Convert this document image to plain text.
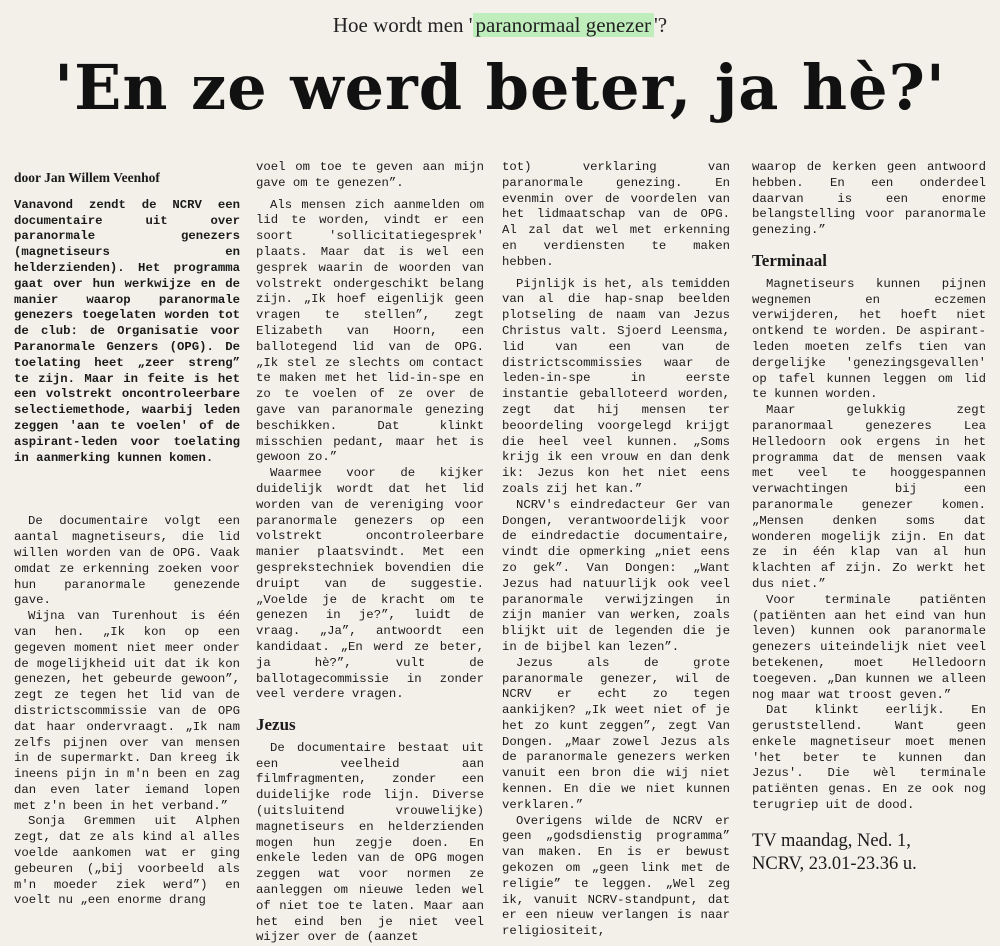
Hoe wordt men ' paranormaal genezer '?
'En ze werd beter, ja hè?'
door Jan Willem Veenhof

Vanavond zendt de NCRV een documentaire uit over paranormale genezers (magnetiseurs en helderzienden). Het programma gaat over hun werkwijze en de manier waarop paranormale genezers toegelaten worden tot de club: de Organisatie voor Paranormale Genzers (OPG). De toelating heet „zeer streng” te zijn. Maar in feite is het een volstrekt oncontroleerbare selectiemethode, waarbij leden zeggen 'aan te voelen' of de aspirant-leden voor toelating in aanmerking kunnen komen.

De documentaire volgt een aantal magnetiseurs, die lid willen worden van de OPG. Vaak omdat ze erkenning zoeken voor hun paranormale genezende gave.

Wijna van Turenhout is één van hen. „Ik kon op een gegeven moment niet meer onder de mogelijkheid uit dat ik kon genezen, het gebeurde gewoon”, zegt ze tegen het lid van de districtscommissie van de OPG dat haar ondervraagt. „Ik nam zelfs pijnen over van mensen in de supermarkt. Dan kreeg ik ineens pijn in m'n been en zag dan even later iemand lopen met z'n been in het verband.”

Sonja Gremmen uit Alphen zegt, dat ze als kind al alles voelde aankomen wat er ging gebeuren („bij voorbeeld als m'n moeder ziek werd”) en voelt nu „een enorme drang

voel om toe te geven aan mijn gave om te genezen”.

Als mensen zich aanmelden om lid te worden, vindt er een soort 'sollicitatiegesprek' plaats. Maar dat is wel een gesprek waarin de woorden van volstrekt ondergeschikt belang zijn. „Ik hoef eigenlijk geen vragen te stellen”, zegt Elizabeth van Hoorn, een ballotegend lid van de OPG. „Ik stel ze slechts om contact te maken met het lid-in-spe en zo te voelen of ze over de gave van paranormale genezing beschikken. Dat klinkt misschien pedant, maar het is gewoon zo.”

Waarmee voor de kijker duidelijk wordt dat het lid worden van de vereniging voor paranormale genezers op een volstrekt oncontroleerbare manier plaatsvindt. Met een gesprekstechniek bovendien die druipt van de suggestie. „Voelde je de kracht om te genezen in je?”, luidt de vraag. „Ja”, antwoordt een kandidaat. „En werd ze beter, ja hè?”, vult de ballotagecommissie in zonder veel verdere vragen.

Jezus

De documentaire bestaat uit een veelheid aan filmfragmenten, zonder een duidelijke rode lijn. Diverse (uitsluitend vrouwelijke) magnetiseurs en helderzienden mogen hun zegje doen. En enkele leden van de OPG mogen zeggen wat voor normen ze aanleggen om nieuwe leden wel of niet toe te laten. Maar aan het eind ben je niet veel wijzer over de (aanzet

tot) verklaring van paranormale genezing. En evenmin over de voordelen van het lidmaatschap van de OPG. Al zal dat wel met erkenning en verdiensten te maken hebben.

Pijnlijk is het, als temidden van al die hap-snap beelden plotseling de naam van Jezus Christus valt. Sjoerd Leensma, lid van een van de districtscommissies waar de leden-in-spe in eerste instantie geballoteerd worden, zegt dat hij mensen ter beoordeling voorgelegd krijgt die heel veel kunnen. „Soms krijg ik een vrouw en dan denk ik: Jezus kon het niet eens zoals zij het kan.”

NCRV's eindredacteur Ger van Dongen, verantwoordelijk voor de eindredactie documentaire, vindt die opmerking „niet eens zo gek”. Van Dongen: „Want Jezus had natuurlijk ook veel paranormale verwijzingen in zijn manier van werken, zoals blijkt uit de legenden die je in de bijbel kan lezen”.

Jezus als de grote paranormale genezer, wil de NCRV er echt zo tegen aankijken? „Ik weet niet of je het zo kunt zeggen”, zegt Van Dongen. „Maar zowel Jezus als de paranormale genezers werken vanuit een bron die wij niet kennen. En die we niet kunnen verklaren.”

Overigens wilde de NCRV er geen „godsdienstig programma” van maken. En is er bewust gekozen om „geen link met de religie” te leggen. „Wel zeg ik, vanuit NCRV-standpunt, dat er een nieuw verlangen is naar religiositeit,

waarop de kerken geen antwoord hebben. En een onderdeel daarvan is een enorme belangstelling voor paranormale genezing.”

Terminaal

Magnetiseurs kunnen pijnen wegnemen en eczemen verwijderen, het hoeft niet ontkend te worden. De aspirant-leden moeten zelfs tien van dergelijke 'genezingsgevallen' op tafel kunnen leggen om lid te kunnen worden.

Maar gelukkig zegt paranormaal genezeres Lea Helledoorn ook ergens in het programma dat de mensen vaak met veel te hooggespannen verwachtingen bij een paranormale genezer komen. „Mensen denken soms dat wonderen mogelijk zijn. En dat ze in één klap van al hun klachten af zijn. Zo werkt het dus niet.”

Voor terminale patiënten (patiënten aan het eind van hun leven) kunnen ook paranormale genezers uiteindelijk niet veel betekenen, moet Helledoorn toegeven. „Dan kunnen we alleen nog maar wat troost geven.”

Dat klinkt eerlijk. En geruststellend. Want geen enkele magnetiseur moet menen 'het beter te kunnen dan Jezus'. Die wèl terminale patiënten genas. En ze ook nog terugriep uit de dood.

TV maandag, Ned. 1,
NCRV, 23.01-23.36 u.
